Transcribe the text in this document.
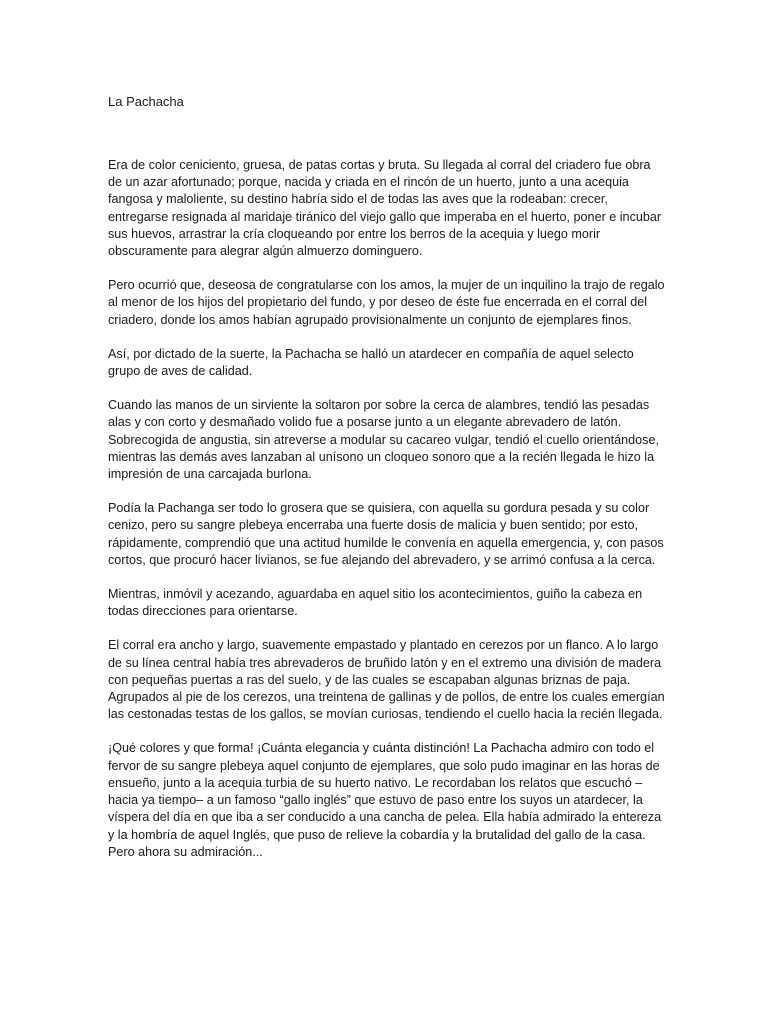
La Pachacha

Era de color ceniciento, gruesa, de patas cortas y bruta. Su llegada al corral del criadero fue obra de un azar afortunado; porque, nacida y criada en el rincón de un huerto, junto a una acequia fangosa y maloliente, su destino habría sido el de todas las aves que la rodeaban: crecer, entregarse resignada al maridaje tiránico del viejo gallo que imperaba en el huerto, poner e incubar sus huevos, arrastrar la cría cloqueando por entre los berros de la acequia y luego morir obscuramente para alegrar algún almuerzo dominguero.

Pero ocurrió que, deseosa de congratularse con los amos, la mujer de un inquilino la trajo de regalo al menor de los hijos del propietario del fundo, y por deseo de éste fue encerrada en el corral del criadero, donde los amos habían agrupado provisionalmente un conjunto de ejemplares finos.

Así, por dictado de la suerte, la Pachacha se halló un atardecer en compañía de aquel selecto grupo de aves de calidad.

Cuando las manos de un sirviente la soltaron por sobre la cerca de alambres, tendió las pesadas alas y con corto y desmañado volido fue a posarse junto a un elegante abrevadero de latón. Sobrecogida de angustia, sin atreverse a modular su cacareo vulgar, tendió el cuello orientándose, mientras las demás aves lanzaban al unísono un cloqueo sonoro que a la recién llegada le hizo la impresión de una carcajada burlona.

Podía la Pachanga ser todo lo grosera que se quisiera, con aquella su gordura pesada y su color cenizo, pero su sangre plebeya encerraba una fuerte dosis de malicia y buen sentido; por esto, rápidamente, comprendió que una actitud humilde le convenía en aquella emergencia, y, con pasos cortos, que procuró hacer livianos, se fue alejando del abrevadero, y se arrimó confusa a la cerca.

Mientras, inmóvil y acezando, aguardaba en aquel sitio los acontecimientos, guiño la cabeza en todas direcciones para orientarse.

El corral era ancho y largo, suavemente empastado y plantado en cerezos por un flanco. A lo largo de su línea central había tres abrevaderos de bruñido latón y en el extremo una división de madera con pequeñas puertas a ras del suelo, y de las cuales se escapaban algunas briznas de paja. Agrupados al pie de los cerezos, una treintena de gallinas y de pollos, de entre los cuales emergían las cestonadas testas de los gallos, se movían curiosas, tendiendo el cuello hacia la recién llegada.

¡Qué colores y que forma! ¡Cuánta elegancia y cuánta distinción! La Pachacha admiro con todo el fervor de su sangre plebeya aquel conjunto de ejemplares, que solo pudo imaginar en las horas de ensueño, junto a la acequia turbia de su huerto nativo. Le recordaban los relatos que escuchó – hacia ya tiempo– a un famoso “gallo inglés” que estuvo de paso entre los suyos un atardecer, la víspera del día en que iba a ser conducido a una cancha de pelea. Ella había admirado la entereza y la hombría de aquel Inglés, que puso de relieve la cobardía y la brutalidad del gallo de la casa. Pero ahora su admiración...
